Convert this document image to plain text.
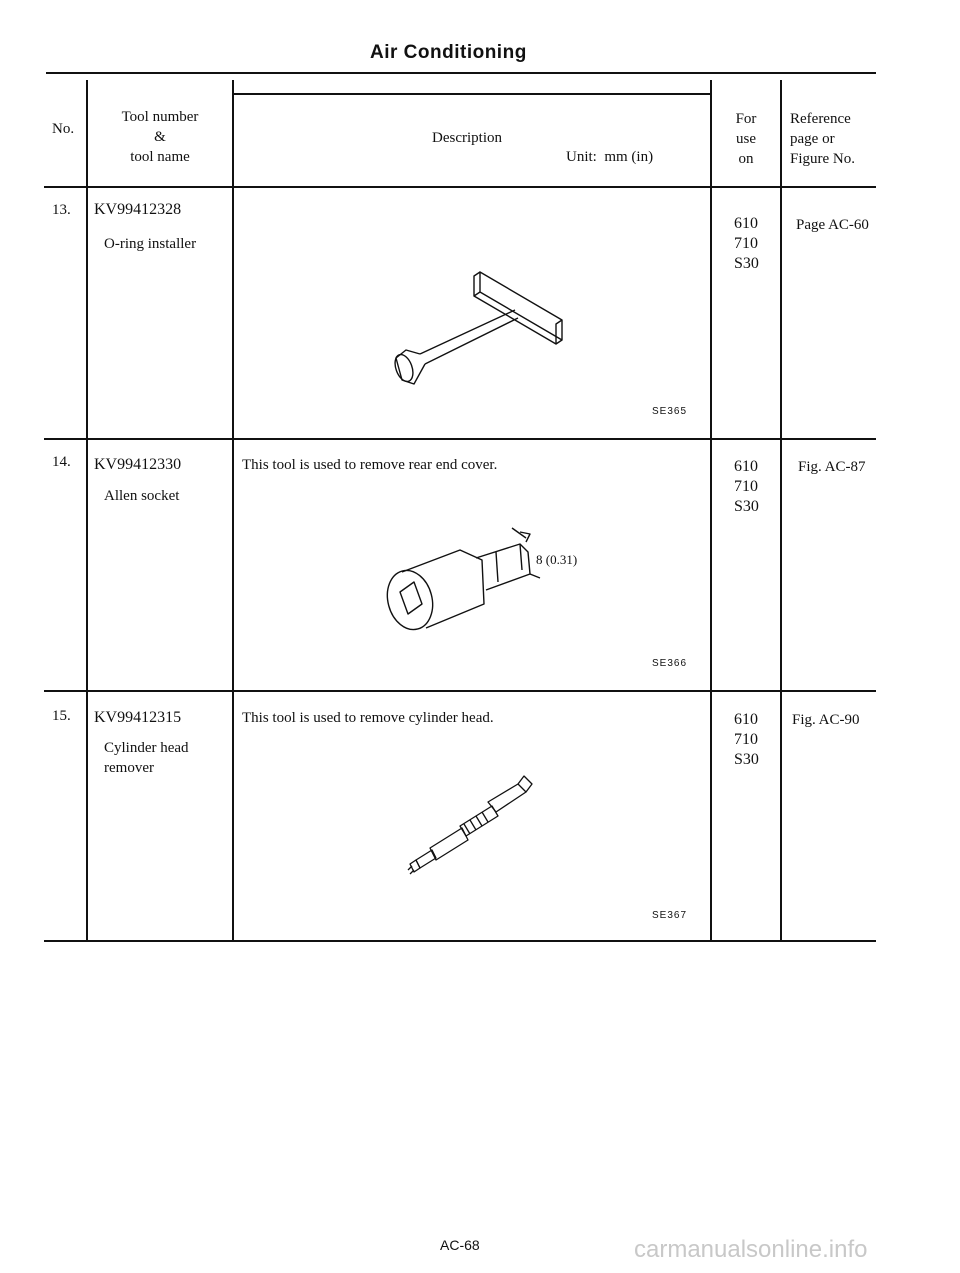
Air Conditioning
No.
Tool number
&
tool name
Description
Unit:  mm (in)
For
use
on
Reference
page or
Figure No.
13. KV99412328
O-ring installer
SE365
610
710
S30
Page AC-60
14. KV99412330
Allen socket
This tool is used to remove rear end cover.
8 (0.31)
SE366
610
710
S30
Fig. AC-87
15. KV99412315
Cylinder head
remover
This tool is used to remove cylinder head.
SE367
610
710
S30
Fig. AC-90
AC-68	carmanualsonline.info
